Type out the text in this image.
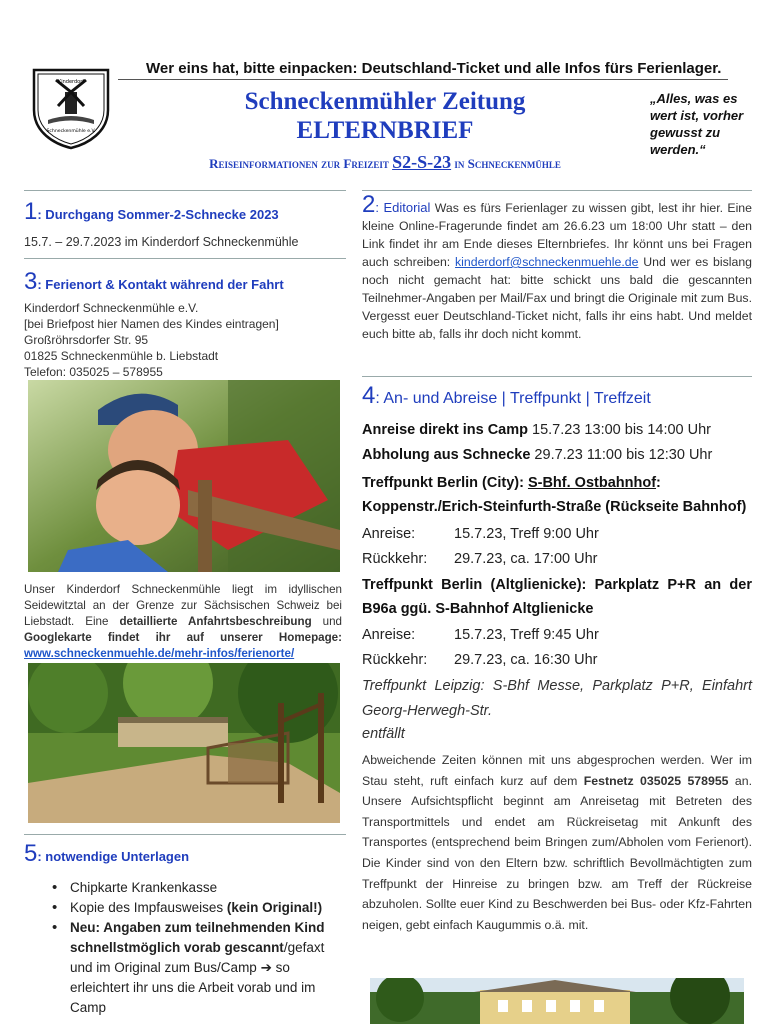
Kinderdorf
Schneckenmühle e.V.
Wer eins hat, bitte einpacken: Deutschland-Ticket und alle Infos fürs Ferienlager.
Schneckenmühler Zeitung
ELTERNBRIEF
Reiseinformationen zur Freizeit S2-S-23 in Schneckenmühle
„Alles, was es wert ist, vorher gewusst zu werden.“
1: Durchgang Sommer-2-Schnecke 2023
15.7. – 29.7.2023 im Kinderdorf Schneckenmühle
3: Ferienort & Kontakt während der Fahrt
Kinderdorf Schneckenmühle e.V.
[bei Briefpost hier Namen des Kindes eintragen]
Großröhrsdorfer Str. 95
01825 Schneckenmühle b. Liebstadt
Telefon: 035025 – 578955
Unser Kinderdorf Schneckenmühle liegt im idyllischen Seidewitztal an der Grenze zur Sächsischen Schweiz bei Liebstadt. Eine detaillierte Anfahrtsbeschreibung und Googlekarte findet ihr auf unserer Homepage: www.schneckenmuehle.de/mehr-infos/ferienorte/
5: notwendige Unterlagen
• Chipkarte Krankenkasse
• Kopie des Impfausweises (kein Original!)
• Neu: Angaben zum teilnehmenden Kind schnellstmöglich vorab gescannt/gefaxt und im Original zum Bus/Camp ➔ so erleichtert ihr uns die Arbeit vorab und im Camp
2: Editorial Was es fürs Ferienlager zu wissen gibt, lest ihr hier. Eine kleine Online-Fragerunde findet am 26.6.23 um 18:00 Uhr statt – den Link findet ihr am Ende dieses Elternbriefes. Ihr könnt uns bei Fragen auch schreiben: kinderdorf@schneckenmuehle.de Und wer es bislang noch nicht gemacht hat: bitte schickt uns bald die gescannten Teilnehmer-Angaben per Mail/Fax und bringt die Originale mit zum Bus. Vergesst euer Deutschland-Ticket nicht, falls ihr eins habt. Und meldet euch bitte ab, falls ihr doch nicht kommt.
4: An- und Abreise | Treffpunkt | Treffzeit
Anreise direkt ins Camp 15.7.23 13:00 bis 14:00 Uhr
Abholung aus Schnecke 29.7.23 11:00 bis 12:30 Uhr
Treffpunkt Berlin (City): S-Bhf. Ostbahnhof: Koppenstr./Erich-Steinfurth-Straße (Rückseite Bahnhof)
Anreise:	15.7.23, Treff 9:00 Uhr
Rückkehr: 29.7.23, ca. 17:00 Uhr
Treffpunkt Berlin (Altglienicke): Parkplatz P+R an der B96a ggü. S-Bahnhof Altglienicke
Anreise:	15.7.23, Treff 9:45 Uhr
Rückkehr: 29.7.23, ca. 16:30 Uhr
Treffpunkt Leipzig: S-Bhf Messe, Parkplatz P+R, Einfahrt Georg-Herwegh-Str.
entfällt
Abweichende Zeiten können mit uns abgesprochen werden. Wer im Stau steht, ruft einfach kurz auf dem Festnetz 035025 578955 an. Unsere Aufsichtspflicht beginnt am Anreisetag mit Betreten des Transportmittels und endet am Rückreisetag mit Ankunft des Transportes (entsprechend beim Bringen zum/Abholen vom Ferienort). Die Kinder sind von den Eltern bzw. schriftlich Bevollmächtigten zum Treffpunkt der Hinreise zu bringen bzw. am Treff der Rückreise abzuholen. Sollte euer Kind zu Beschwerden bei Bus- oder Kfz-Fahrten neigen, gebt einfach Kaugummis o.ä. mit.
